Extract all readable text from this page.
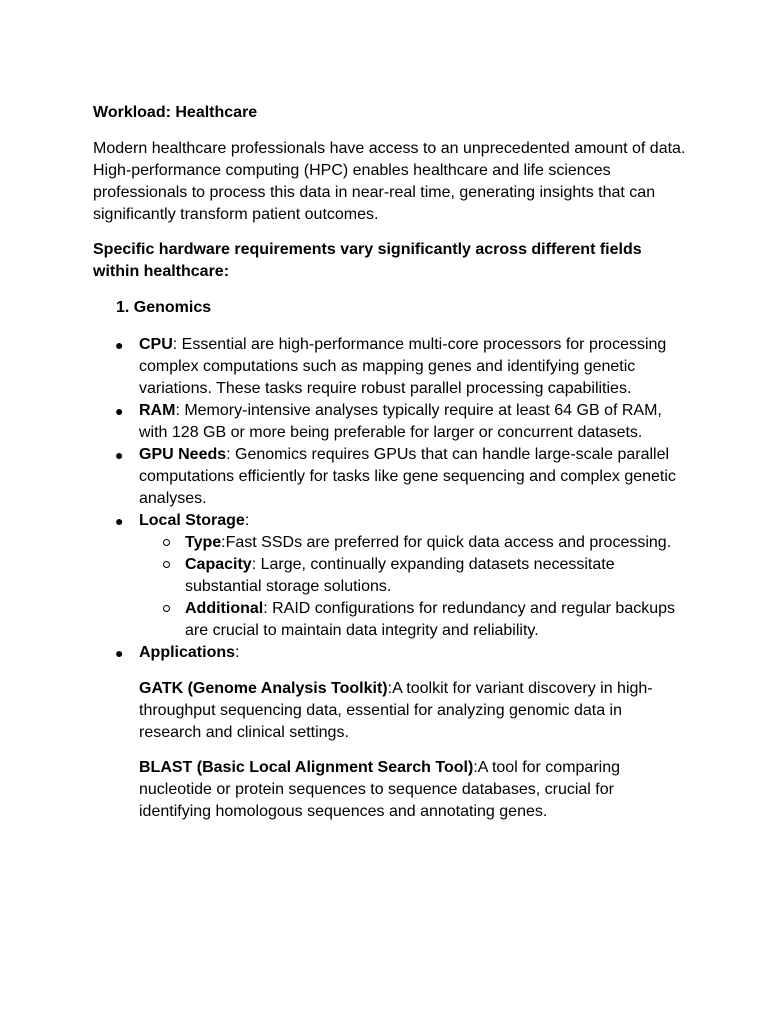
Workload: Healthcare

Modern healthcare professionals have access to an unprecedented amount of data. High-performance computing (HPC) enables healthcare and life sciences professionals to process this data in near-real time, generating insights that can significantly transform patient outcomes.

Specific hardware requirements vary significantly across different fields within healthcare:

1. Genomics

● CPU: Essential are high-performance multi-core processors for processing complex computations such as mapping genes and identifying genetic variations. These tasks require robust parallel processing capabilities.
● RAM: Memory-intensive analyses typically require at least 64 GB of RAM, with 128 GB or more being preferable for larger or concurrent datasets.
● GPU Needs: Genomics requires GPUs that can handle large-scale parallel computations efficiently for tasks like gene sequencing and complex genetic analyses.
● Local Storage:
Type:Fast SSDs are preferred for quick data access and processing.
Capacity: Large, continually expanding datasets necessitate substantial storage solutions.
Additional: RAID configurations for redundancy and regular backups are crucial to maintain data integrity and reliability.
● Applications:

GATK (Genome Analysis Toolkit):A toolkit for variant discovery in high-throughput sequencing data, essential for analyzing genomic data in research and clinical settings.

BLAST (Basic Local Alignment Search Tool):A tool for comparing nucleotide or protein sequences to sequence databases, crucial for identifying homologous sequences and annotating genes.
